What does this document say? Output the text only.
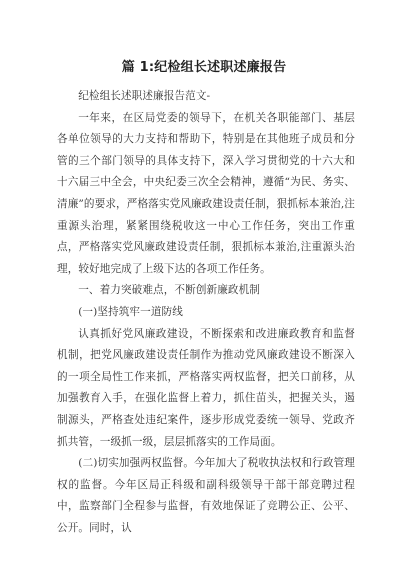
篇 1:纪检组长述职述廉报告

纪检组长述职述廉报告范文-

一年来，在区局党委的领导下，在机关各职能部门、基层各单位领导的大力支持和帮助下，特别是在其他班子成员和分管的三个部门领导的具体支持下，深入学习贯彻党的十六大和十六届三中全会，中央纪委三次全会精神，遵循“为民、务实、清廉”的要求，严格落实党风廉政建设责任制，狠抓标本兼治,注重源头治理，紧紧围绕税收这一中心工作任务，突出工作重点，严格落实党风廉政建设责任制，狠抓标本兼治,注重源头治理，较好地完成了上级下达的各项工作任务。

一、着力突破难点，不断创新廉政机制

(一)坚持筑牢一道防线

认真抓好党风廉政建设，不断探索和改进廉政教育和监督机制，把党风廉政建设责任制作为推动党风廉政建设不断深入的一项全局性工作来抓，严格落实两权监督，把关口前移，从加强教育入手，在强化监督上着力，抓住苗头，把握关头，遏制源头，严格查处违纪案件，逐步形成党委统一领导、党政齐抓共管，一级抓一级，层层抓落实的工作局面。

(二)切实加强两权监督。今年加大了税收执法权和行政管理权的监督。今年区局正科级和副科级领导干部干部竞聘过程中，监察部门全程参与监督，有效地保证了竞聘公正、公平、公开。同时，认
